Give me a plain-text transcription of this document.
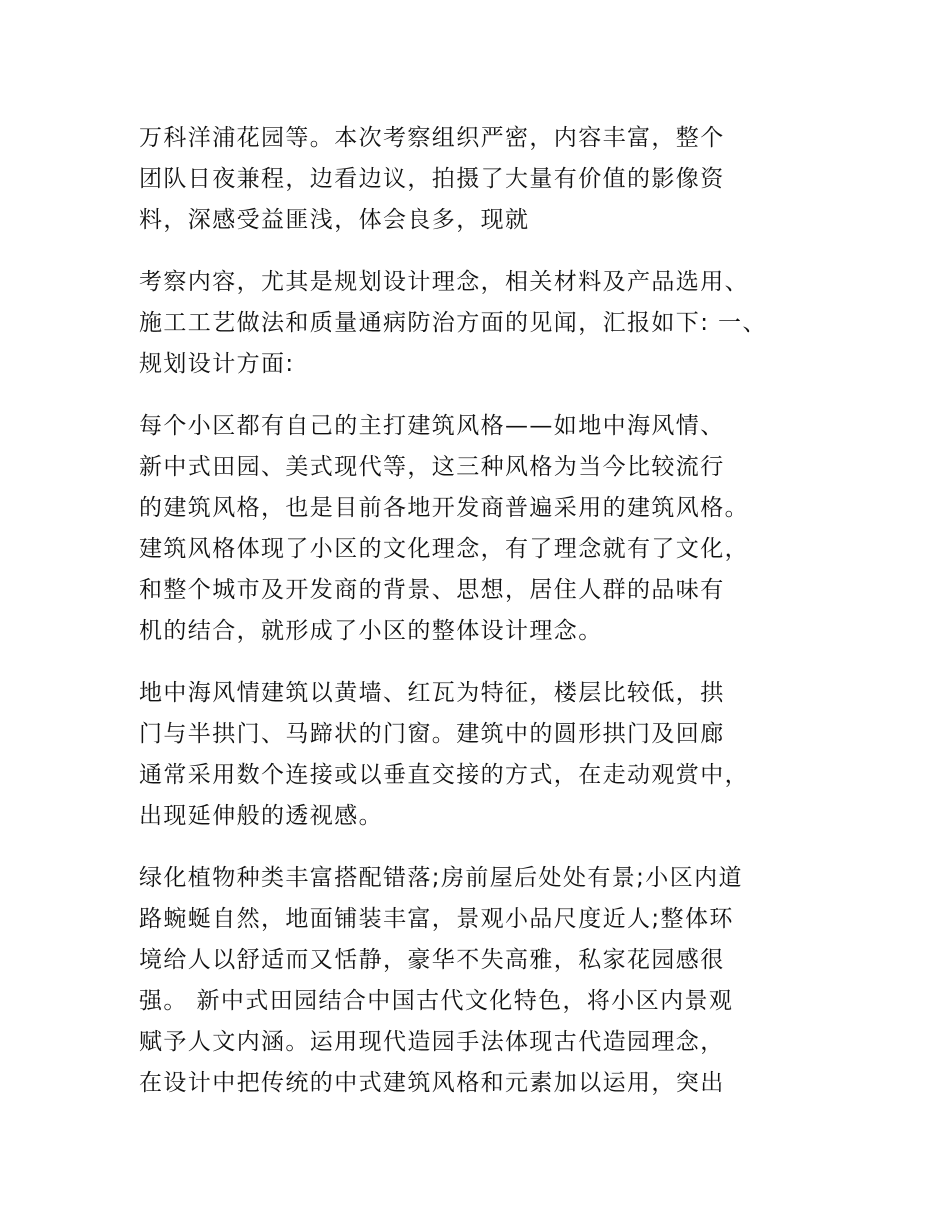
万科洋浦花园等。本次考察组织严密，内容丰富，整个
团队日夜兼程，边看边议，拍摄了大量有价值的影像资
料，深感受益匪浅，体会良多，现就

考察内容，尤其是规划设计理念，相关材料及产品选用、
施工工艺做法和质量通病防治方面的见闻，汇报如下: 一、
规划设计方面:

每个小区都有自己的主打建筑风格——如地中海风情、
新中式田园、美式现代等，这三种风格为当今比较流行
的建筑风格，也是目前各地开发商普遍采用的建筑风格。
建筑风格体现了小区的文化理念，有了理念就有了文化，
和整个城市及开发商的背景、思想，居住人群的品味有
机的结合，就形成了小区的整体设计理念。

地中海风情建筑以黄墙、红瓦为特征，楼层比较低，拱
门与半拱门、马蹄状的门窗。建筑中的圆形拱门及回廊
通常采用数个连接或以垂直交接的方式，在走动观赏中，
出现延伸般的透视感。

绿化植物种类丰富搭配错落;房前屋后处处有景;小区内道
路蜿蜒自然，地面铺装丰富，景观小品尺度近人;整体环
境给人以舒适而又恬静，豪华不失高雅，私家花园感很
强。 新中式田园结合中国古代文化特色，将小区内景观
赋予人文内涵。运用现代造园手法体现古代造园理念，
在设计中把传统的中式建筑风格和元素加以运用，突出
